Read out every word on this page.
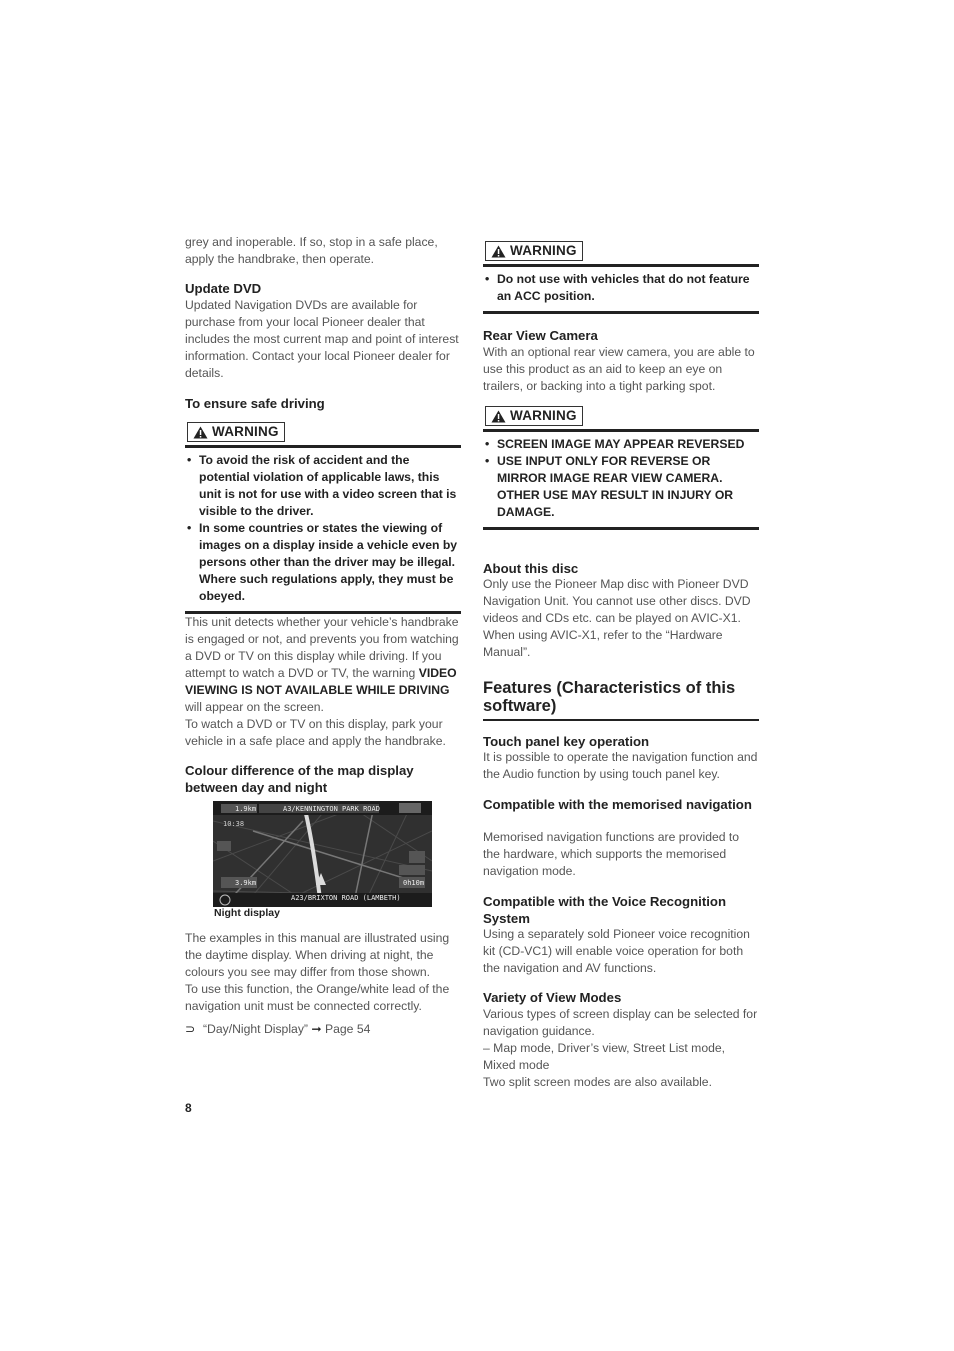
grey and inoperable. If so, stop in a safe place, apply the handbrake, then operate.

Update DVD

Updated Navigation DVDs are available for purchase from your local Pioneer dealer that includes the most current map and point of interest information. Contact your local Pioneer dealer for details.

To ensure safe driving
WARNING
• To avoid the risk of accident and the potential violation of applicable laws, this unit is not for use with a video screen that is visible to the driver.
• In some countries or states the viewing of images on a display inside a vehicle even by persons other than the driver may be illegal. Where such regulations apply, they must be obeyed.

This unit detects whether your vehicle’s handbrake is engaged or not, and prevents you from watching a DVD or TV on this display while driving. If you attempt to watch a DVD or TV, the warning VIDEO VIEWING IS NOT AVAILABLE WHILE DRIVING will appear on the screen.
To watch a DVD or TV on this display, park your vehicle in a safe place and apply the handbrake.

Colour difference of the map display between day and night
1.9km	A3/KENNINGTON PARK ROAD
10:38
3.9km	0h10m
A23/BRIXTON ROAD (LAMBETH)
Night display

The examples in this manual are illustrated using the daytime display. When driving at night, the colours you see may differ from those shown.
To use this function, the Orange/white lead of the navigation unit must be connected correctly.

⊃ “Day/Night Display” ➞ Page 54

WARNING
• Do not use with vehicles that do not feature an ACC position.
Rear View Camera

With an optional rear view camera, you are able to use this product as an aid to keep an eye on trailers, or backing into a tight parking spot.

WARNING
• SCREEN IMAGE MAY APPEAR REVERSED
• USE INPUT ONLY FOR REVERSE OR MIRROR IMAGE REAR VIEW CAMERA. OTHER USE MAY RESULT IN INJURY OR DAMAGE.
About this disc

Only use the Pioneer Map disc with Pioneer DVD Navigation Unit. You cannot use other discs. DVD videos and CDs etc. can be played on AVIC-X1. When using AVIC-X1, refer to the “Hardware Manual”.

Features (Characteristics of this software)
Touch panel key operation

It is possible to operate the navigation function and the Audio function by using touch panel key.

Compatible with the memorised navigation

Memorised navigation functions are provided to the hardware, which supports the memorised navigation mode.

Compatible with the Voice Recognition System

Using a separately sold Pioneer voice recognition kit (CD-VC1) will enable voice operation for both the navigation and AV functions.

Variety of View Modes

Various types of screen display can be selected for navigation guidance.
– Map mode, Driver’s view, Street List mode, Mixed mode
Two split screen modes are also available.

8
